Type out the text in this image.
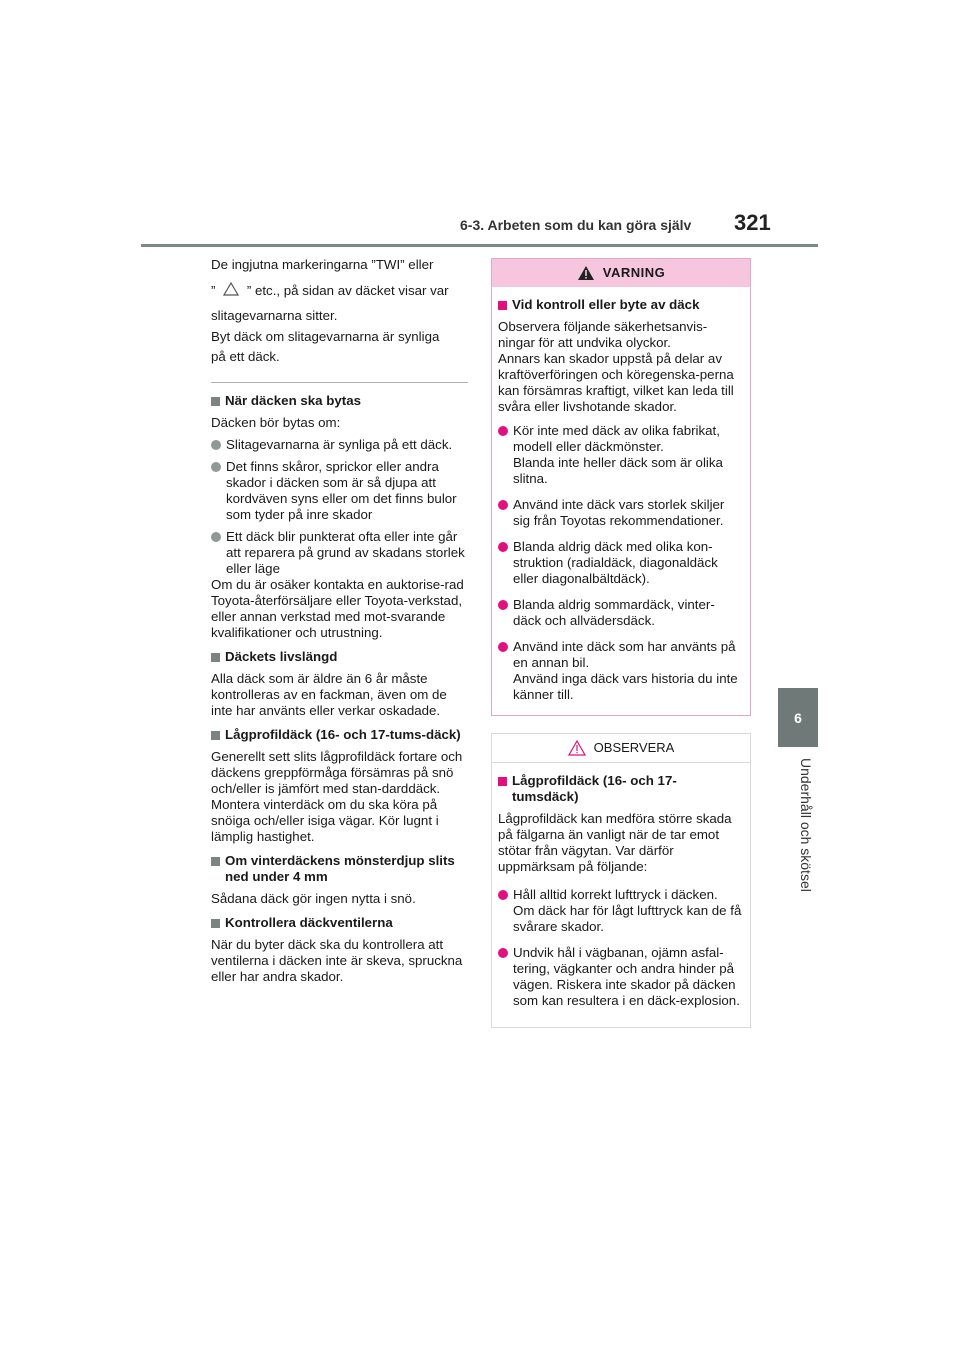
6-3. Arbeten som du kan göra själv 321
6
Underhåll och skötsel

De ingjutna markeringarna ”TWI” eller

” ” etc., på sidan av däcket visar var

slitagevarnarna sitter.

Byt däck om slitagevarnarna är synliga

på ett däck.

När däcken ska bytas

Däcken bör bytas om:

Slitagevarnarna är synliga på ett däck.
Det finns skåror, sprickor eller andra skador i däcken som är så djupa att kordväven syns eller om det finns bulor som tyder på inre skador
Ett däck blir punkterat ofta eller inte går att reparera på grund av skadans storlek eller läge

Om du är osäker kontakta en auktorise-rad Toyota-återförsäljare eller Toyota-verkstad, eller annan verkstad med mot-svarande kvalifikationer och utrustning.

Däckets livslängd

Alla däck som är äldre än 6 år måste kontrolleras av en fackman, även om de inte har använts eller verkar oskadade.

Lågprofildäck (16- och 17-tums-däck)

Generellt sett slits lågprofildäck fortare och däckens greppförmåga försämras på snö och/eller is jämfört med stan-darddäck. Montera vinterdäck om du ska köra på snöiga och/eller isiga vägar. Kör lugnt i lämplig hastighet.

Om vinterdäckens mönsterdjup slits ned under 4 mm

Sådana däck gör ingen nytta i snö.

Kontrollera däckventilerna

När du byter däck ska du kontrollera att ventilerna i däcken inte är skeva, spruckna eller har andra skador.

VARNING

Vid kontroll eller byte av däck

Observera följande säkerhetsanvis-ningar för att undvika olyckor.

Annars kan skador uppstå på delar av kraftöverföringen och köregenska-perna kan försämras kraftigt, vilket kan leda till svåra eller livshotande skador.

Kör inte med däck av olika fabrikat, modell eller däckmönster.
Blanda inte heller däck som är olika slitna.
Använd inte däck vars storlek skiljer sig från Toyotas rekommendationer.
Blanda aldrig däck med olika kon-struktion (radialdäck, diagonaldäck eller diagonalbältdäck).
Blanda aldrig sommardäck, vinter-däck och allvädersdäck.
Använd inte däck som har använts på en annan bil.
Använd inga däck vars historia du inte känner till.
OBSERVERA

Lågprofildäck (16- och 17-tumsdäck)

Lågprofildäck kan medföra större skada på fälgarna än vanligt när de tar emot stötar från vägytan. Var därför uppmärksam på följande:

Håll alltid korrekt lufttryck i däcken. Om däck har för lågt lufttryck kan de få svårare skador.
Undvik hål i vägbanan, ojämn asfal-tering, vägkanter och andra hinder på vägen. Riskera inte skador på däcken som kan resultera i en däck-explosion.
